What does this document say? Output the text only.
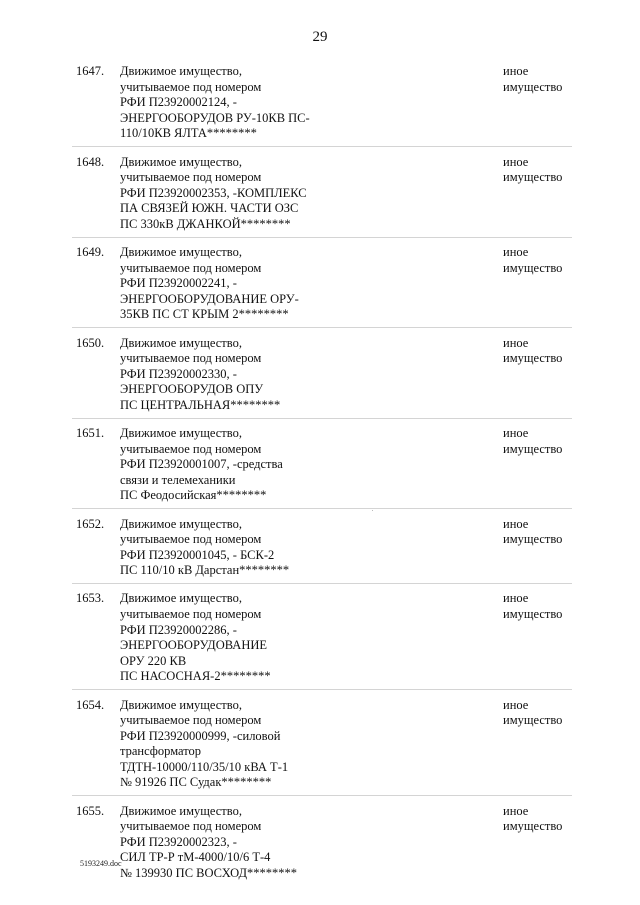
29
1647. Движимое имущество,
учитываемое под номером
РФИ П23920002124, -
ЭНЕРГООБОРУДОВ РУ-10КВ ПС-
110/10КВ ЯЛТА********
иное
имущество
1648. Движимое имущество,
учитываемое под номером
РФИ П23920002353, -КОМПЛЕКС
ПА СВЯЗЕЙ ЮЖН. ЧАСТИ ОЗС
ПС 330кВ ДЖАНКОЙ********
иное
имущество
1649. Движимое имущество,
учитываемое под номером
РФИ П23920002241, -
ЭНЕРГООБОРУДОВАНИЕ ОРУ-
35КВ ПС СТ КРЫМ 2********
иное
имущество
1650. Движимое имущество,
учитываемое под номером
РФИ П23920002330, -
ЭНЕРГООБОРУДОВ ОПУ
ПС ЦЕНТРАЛЬНАЯ********
иное
имущество
1651. Движимое имущество,
учитываемое под номером
РФИ П23920001007, -средства
связи и телемеханики
ПС Феодосийская********
иное
имущество
1652. Движимое имущество,
учитываемое под номером
РФИ П23920001045, - БСК-2
ПС 110/10 кВ Дарстан********
иное
имущество
1653. Движимое имущество,
учитываемое под номером
РФИ П23920002286, -
ЭНЕРГООБОРУДОВАНИЕ
ОРУ 220 КВ
ПС НАСОСНАЯ-2********
иное
имущество
1654. Движимое имущество,
учитываемое под номером
РФИ П23920000999, -силовой
трансформатор
ТДТН-10000/110/35/10 кВА Т-1
№ 91926 ПС Судак********
иное
имущество
1655. Движимое имущество,
учитываемое под номером
РФИ П23920002323, -
СИЛ ТР-Р тМ-4000/10/6 Т-4
№ 139930 ПС ВОСХОД********
иное
имущество
5193249.doc
